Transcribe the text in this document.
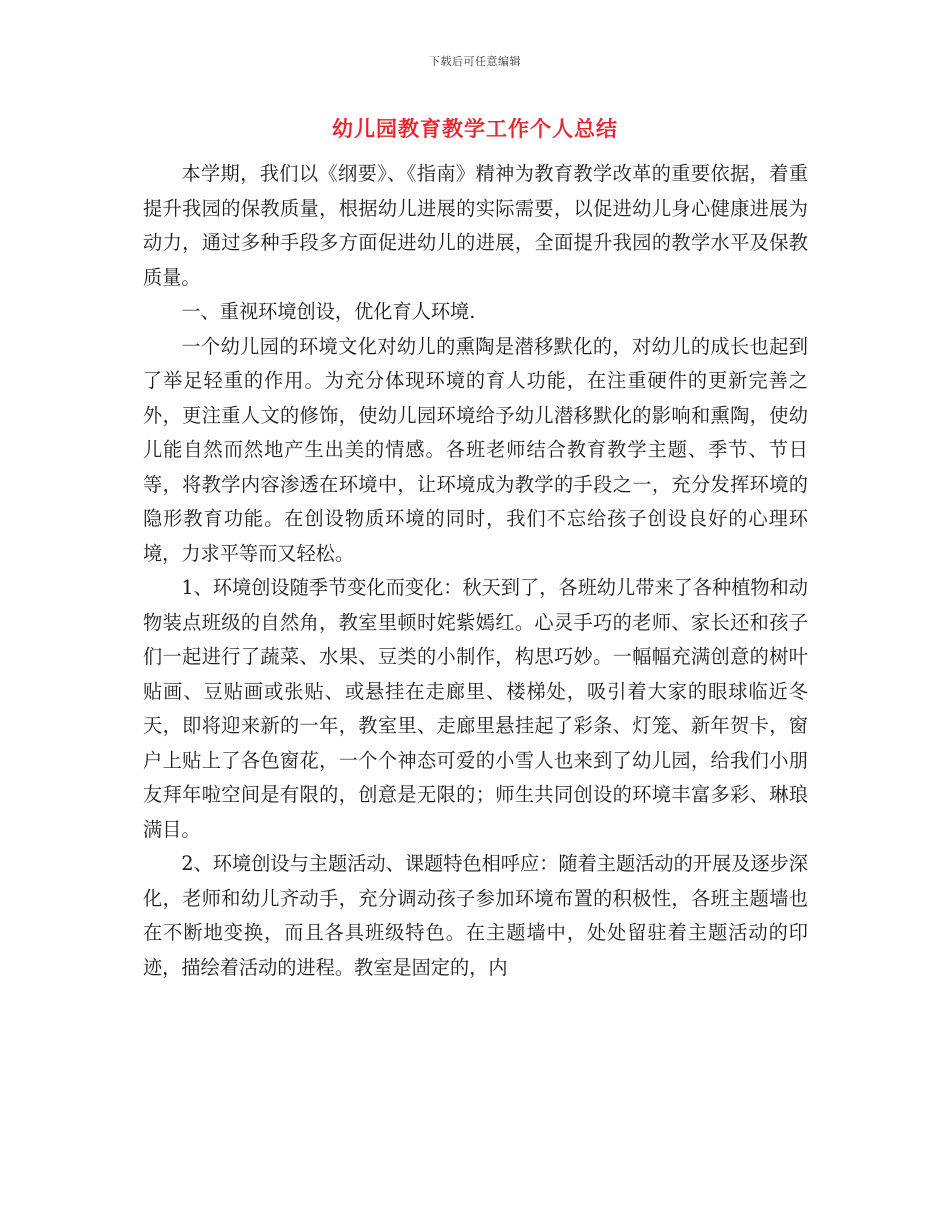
下载后可任意编辑
幼儿园教育教学工作个人总结

本学期，我们以《纲要》、《指南》精神为教育教学改革的重要依据，着重提升我园的保教质量，根据幼儿进展的实际需要，以促进幼儿身心健康进展为动力，通过多种手段多方面促进幼儿的进展，全面提升我园的教学水平及保教质量。

一、重视环境创设，优化育人环境.

一个幼儿园的环境文化对幼儿的熏陶是潜移默化的，对幼儿的成长也起到了举足轻重的作用。为充分体现环境的育人功能，在注重硬件的更新完善之外，更注重人文的修饰，使幼儿园环境给予幼儿潜移默化的影响和熏陶，使幼儿能自然而然地产生出美的情感。各班老师结合教育教学主题、季节、节日等，将教学内容渗透在环境中，让环境成为教学的手段之一，充分发挥环境的隐形教育功能。在创设物质环境的同时，我们不忘给孩子创设良好的心理环境，力求平等而又轻松。

1、环境创设随季节变化而变化：秋天到了，各班幼儿带来了各种植物和动物装点班级的自然角，教室里顿时姹紫嫣红。心灵手巧的老师、家长还和孩子们一起进行了蔬菜、水果、豆类的小制作，构思巧妙。一幅幅充满创意的树叶贴画、豆贴画或张贴、或悬挂在走廊里、楼梯处，吸引着大家的眼球临近冬天，即将迎来新的一年，教室里、走廊里悬挂起了彩条、灯笼、新年贺卡，窗户上贴上了各色窗花，一个个神态可爱的小雪人也来到了幼儿园，给我们小朋友拜年啦空间是有限的，创意是无限的；师生共同创设的环境丰富多彩、琳琅满目。

2、环境创设与主题活动、课题特色相呼应：随着主题活动的开展及逐步深化，老师和幼儿齐动手，充分调动孩子参加环境布置的积极性，各班主题墙也在不断地变换，而且各具班级特色。在主题墙中，处处留驻着主题活动的印迹，描绘着活动的进程。教室是固定的，内
